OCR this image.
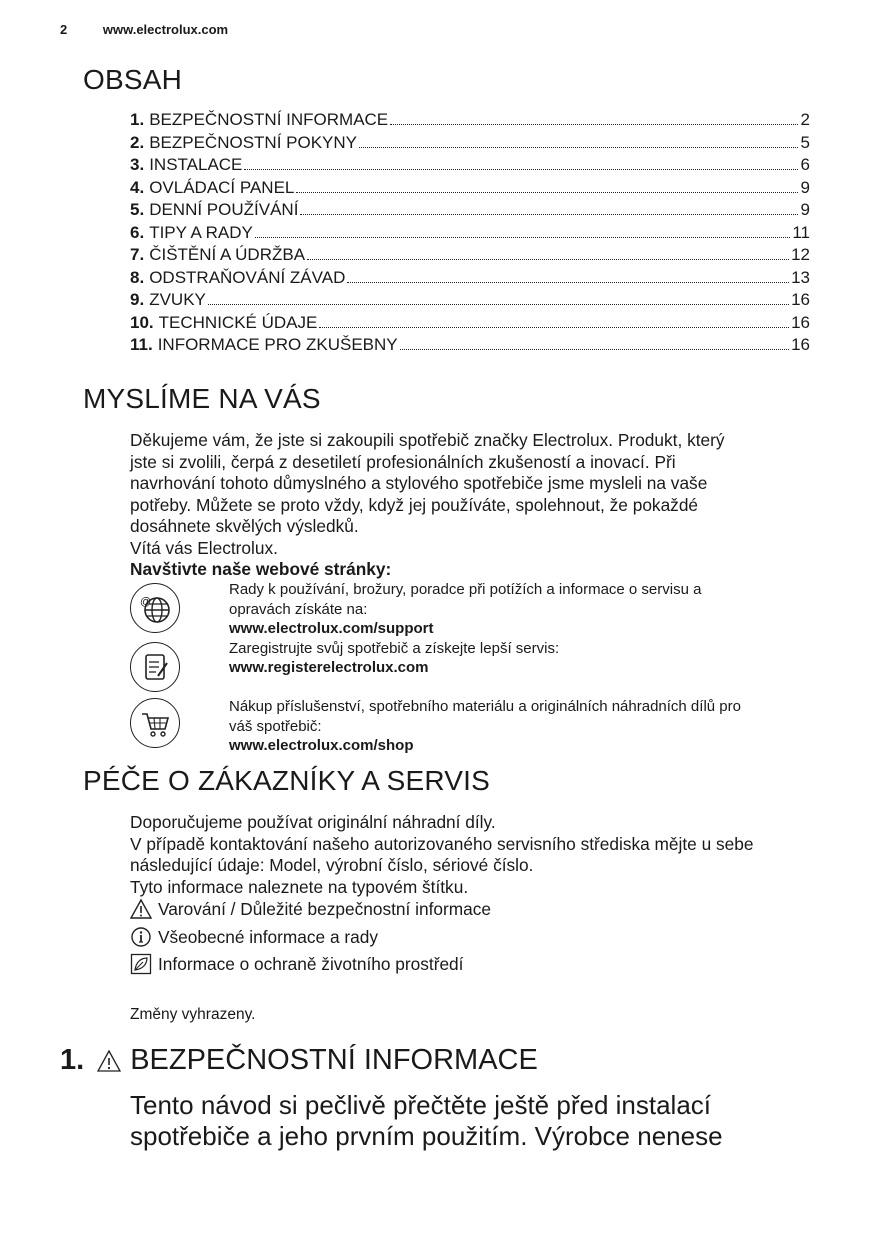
2	www.electrolux.com
OBSAH
1. BEZPEČNOSTNÍ INFORMACE	2
2. BEZPEČNOSTNÍ POKYNY	5
3. INSTALACE	6
4. OVLÁDACÍ PANEL	9
5. DENNÍ POUŽÍVÁNÍ	9
6. TIPY A RADY	11
7. ČIŠTĚNÍ A ÚDRŽBA	12
8. ODSTRAŇOVÁNÍ ZÁVAD	13
9. ZVUKY	16
10. TECHNICKÉ ÚDAJE	16
11. INFORMACE PRO ZKUŠEBNY	16
MYSLÍME NA VÁS
Děkujeme vám, že jste si zakoupili spotřebič značky Electrolux. Produkt, který
jste si zvolili, čerpá z desetiletí profesionálních zkušeností a inovací. Při
navrhování tohoto důmyslného a stylového spotřebiče jsme mysleli na vaše
potřeby. Můžete se proto vždy, když jej používáte, spolehnout, že pokaždé
dosáhnete skvělých výsledků.
Vítá vás Electrolux.
Navštivte naše webové stránky:
@
Rady k používání, brožury, poradce při potížích a informace o servisu a
opravách získáte na:
www.electrolux.com/support
Zaregistrujte svůj spotřebič a získejte lepší servis:
www.registerelectrolux.com
Nákup příslušenství, spotřebního materiálu a originálních náhradních dílů pro
váš spotřebič:
www.electrolux.com/shop
PÉČE O ZÁKAZNÍKY A SERVIS
Doporučujeme používat originální náhradní díly.
V případě kontaktování našeho autorizovaného servisního střediska mějte u sebe
následující údaje: Model, výrobní číslo, sériové číslo.
Tyto informace naleznete na typovém štítku.
Varování / Důležité bezpečnostní informace
Všeobecné informace a rady
Informace o ochraně životního prostředí
Změny vyhrazeny.
1. BEZPEČNOSTNÍ INFORMACE
Tento návod si pečlivě přečtěte ještě před instalací
spotřebiče a jeho prvním použitím. Výrobce nenese
